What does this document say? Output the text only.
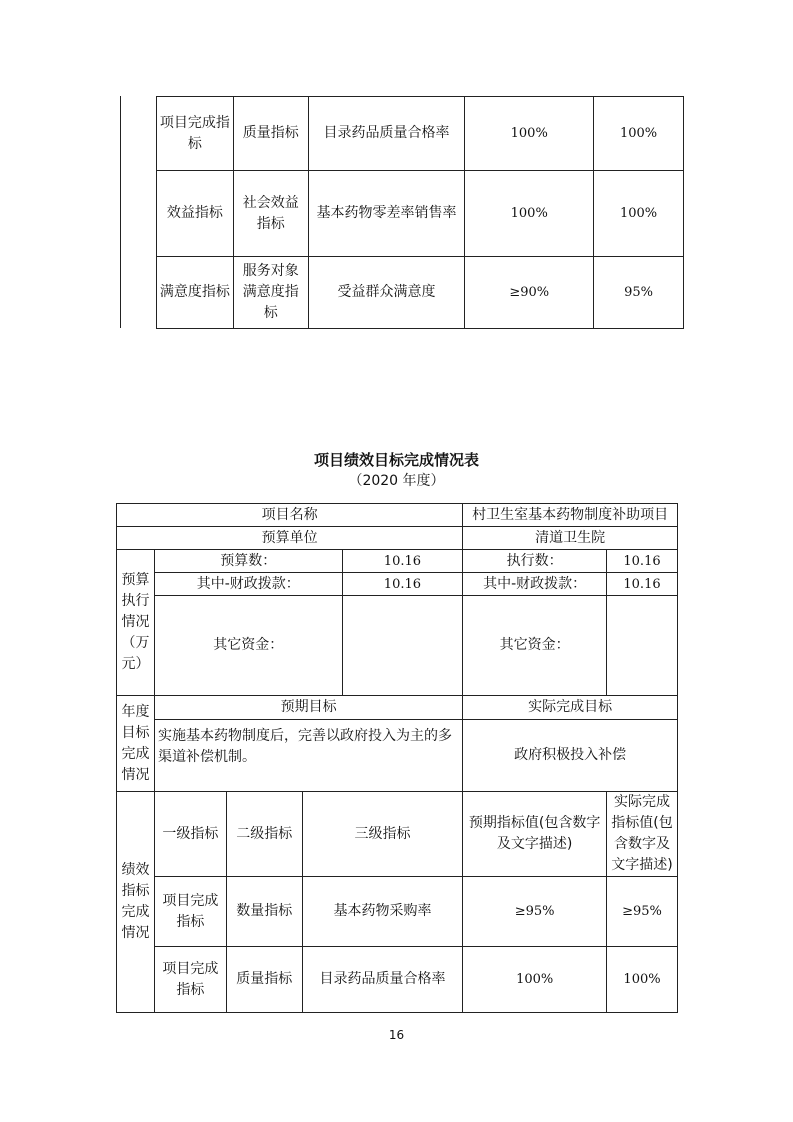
项目完成指标	质量指标	目录药品质量合格率	100%	100%
效益指标	社会效益指标	基本药物零差率销售率	100%	100%
满意度指标	服务对象满意度指标	受益群众满意度	≥90%	95%
项目绩效目标完成情况表
（2020 年度）
项目名称					村卫生室基本药物制度补助项目	
预算单位					清道卫生院	
预算执行情况（万元）	预算数：			10.16	执行数：	10.16
	其中-财政拨款：			10.16	其中-财政拨款：	10.16
	其它资金：				其它资金：	
年度目标完成情况	预期目标				实际完成目标	
	实施基本药物制度后，完善以政府投入为主的多渠道补偿机制。				政府积极投入补偿	
绩效指标完成情况	一级指标	二级指标	三级指标		预期指标值(包含数字及文字描述)	实际完成指标值(包含数字及文字描述)
	项目完成指标	数量指标	基本药物采购率		≥95%	≥95%
	项目完成指标	质量指标	目录药品质量合格率		100%	100%
16
